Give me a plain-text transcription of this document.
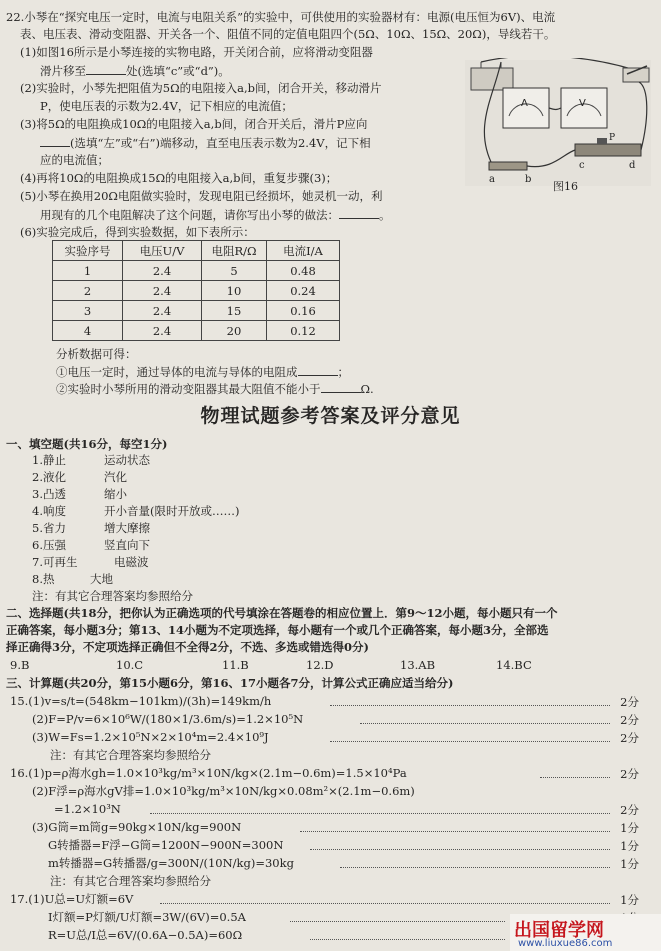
22.小琴在“探究电压一定时，电流与电阻关系”的实验中，可供使用的实验器材有：电源(电压恒为6V)、电流
表、电压表、滑动变阻器、开关各一个、阻值不同的定值电阻四个(5Ω、10Ω、15Ω、20Ω)，导线若干。
(1)如图16所示是小琴连接的实物电路，开关闭合前，应将滑动变阻器
滑片移至	处(选填“c”或“d”)。
(2)实验时，小琴先把阻值为5Ω的电阻接入a,b间，闭合开关，移动滑片
P，使电压表的示数为2.4V，记下相应的电流值；
(3)将5Ω的电阻换成10Ω的电阻接入a,b间，闭合开关后，滑片P应向
(选填“左”或“右”)端移动，直至电压表示数为2.4V，记下相
应的电流值；
(4)再将10Ω的电阻换成15Ω的电阻接入a,b间，重复步骤(3)；
(5)小琴在换用20Ω电阻做实验时，发现电阻已经损坏，她灵机一动，利
用现有的几个电阻解决了这个问题，请你写出小琴的做法：	。
(6)实验完成后，得到实验数据，如下表所示：
A	V
a	b
P
c	d
图16
实验序号	电压U/V	电阻R/Ω	电流I/A
1	2.4	5	0.48
2	2.4	10	0.24
3	2.4	15	0.16
4	2.4	20	0.12
分析数据可得：
①电压一定时，通过导体的电流与导体的电阻成	；
②实验时小琴所用的滑动变阻器其最大阻值不能小于	Ω.
物理试题参考答案及评分意见
一、填空题(共16分，每空1分)
1.静止	运动状态
2.液化	汽化
3.凸透	缩小
4.响度	开小音量(限时开放或……)
5.省力	增大摩擦
6.压强	竖直向下
7.可再生	电磁波
8.热	大地
注：有其它合理答案均参照给分
二、选择题(共18分，把你认为正确选项的代号填涂在答题卷的相应位置上．第9～12小题，每小题只有一个
正确答案，每小题3分；第13、14小题为不定项选择，每小题有一个或几个正确答案，每小题3分，全部选
择正确得3分，不定项选择正确但不全得2分，不选、多选或错选得0分)
9.B	10.C	11.B	12.D	13.AB	14.BC
三、计算题(共20分，第15小题6分，第16、17小题各7分，计算公式正确应适当给分)
15.(1)v=s/t=(548km−101km)/(3h)=149km/h	2分
(2)F=P/v=6×10⁶W/(180×1/3.6m/s)=1.2×10⁵N	2分
(3)W=Fs=1.2×10⁵N×2×10⁴m=2.4×10⁹J	2分
注：有其它合理答案均参照给分
16.(1)p=ρ海水gh=1.0×10³kg/m³×10N/kg×(2.1m−0.6m)=1.5×10⁴Pa	2分
(2)F浮=ρ海水gV排=1.0×10³kg/m³×10N/kg×0.08m²×(2.1m−0.6m)
=1.2×10³N	2分
(3)G筒=m筒g=90kg×10N/kg=900N	1分
G转播器=F浮−G筒=1200N−900N=300N	1分
m转播器=G转播器/g=300N/(10N/kg)=30kg	1分
注：有其它合理答案均参照给分
17.(1)U总=U灯额=6V	1分
I灯额=P灯额/U灯额=3W/(6V)=0.5A
R=U总/I总=6V/(0.6A−0.5A)=60Ω	出国留学网
www.liuxue86.com
